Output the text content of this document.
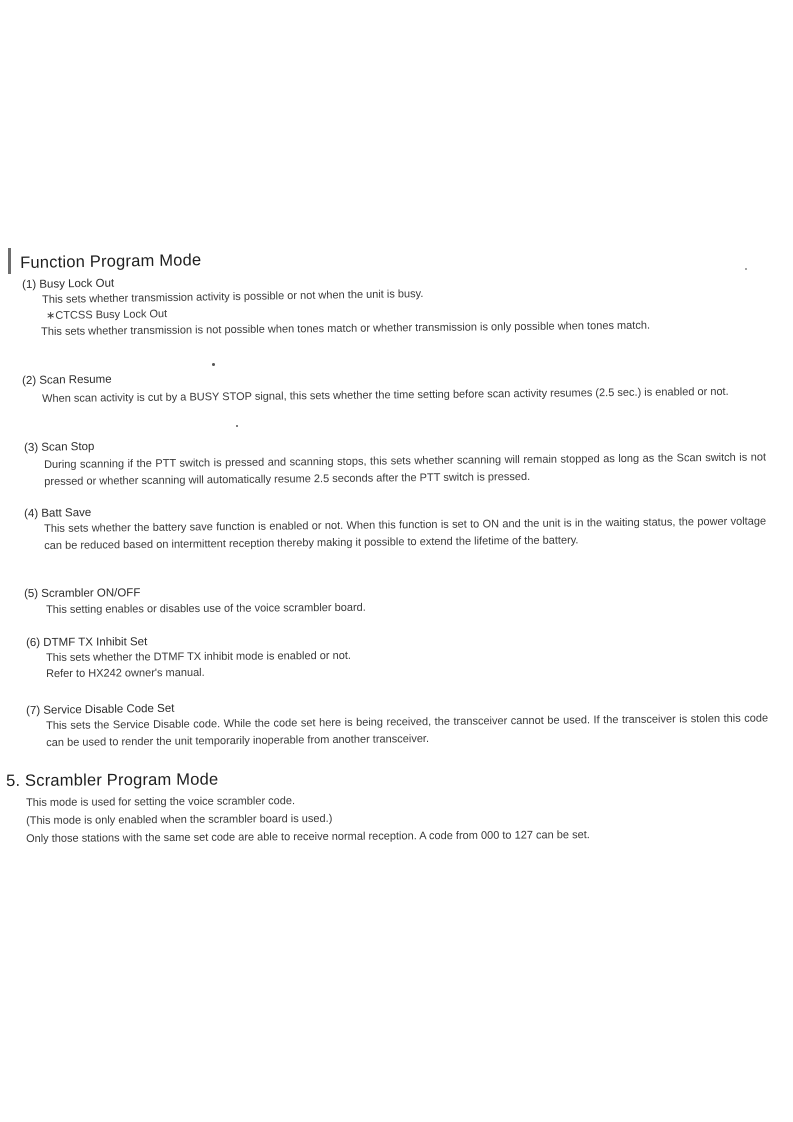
Function Program Mode
(1) Busy Lock Out
This sets whether transmission activity is possible or not when the unit is busy.
∗CTCSS Busy Lock Out
This sets whether transmission is not possible when tones match or whether transmission is only possible when tones match.
(2) Scan Resume
When scan activity is cut by a BUSY STOP signal, this sets whether the time setting before scan activity resumes (2.5 sec.) is enabled or not.
(3) Scan Stop
During scanning if the PTT switch is pressed and scanning stops, this sets whether scanning will remain stopped as long as the Scan switch is not pressed or whether scanning will automatically resume 2.5 seconds after the PTT switch is pressed.
(4) Batt Save
This sets whether the battery save function is enabled or not. When this function is set to ON and the unit is in the waiting status, the power voltage can be reduced based on intermittent reception thereby making it possible to extend the lifetime of the battery.
(5) Scrambler ON/OFF
This setting enables or disables use of the voice scrambler board.
(6) DTMF TX Inhibit Set
This sets whether the DTMF TX inhibit mode is enabled or not.
Refer to HX242 owner's manual.
(7) Service Disable Code Set
This sets the Service Disable code. While the code set here is being received, the transceiver cannot be used. If the transceiver is stolen this code can be used to render the unit temporarily inoperable from another transceiver.
5. Scrambler Program Mode
This mode is used for setting the voice scrambler code.
(This mode is only enabled when the scrambler board is used.)
Only those stations with the same set code are able to receive normal reception. A code from 000 to 127 can be set.
